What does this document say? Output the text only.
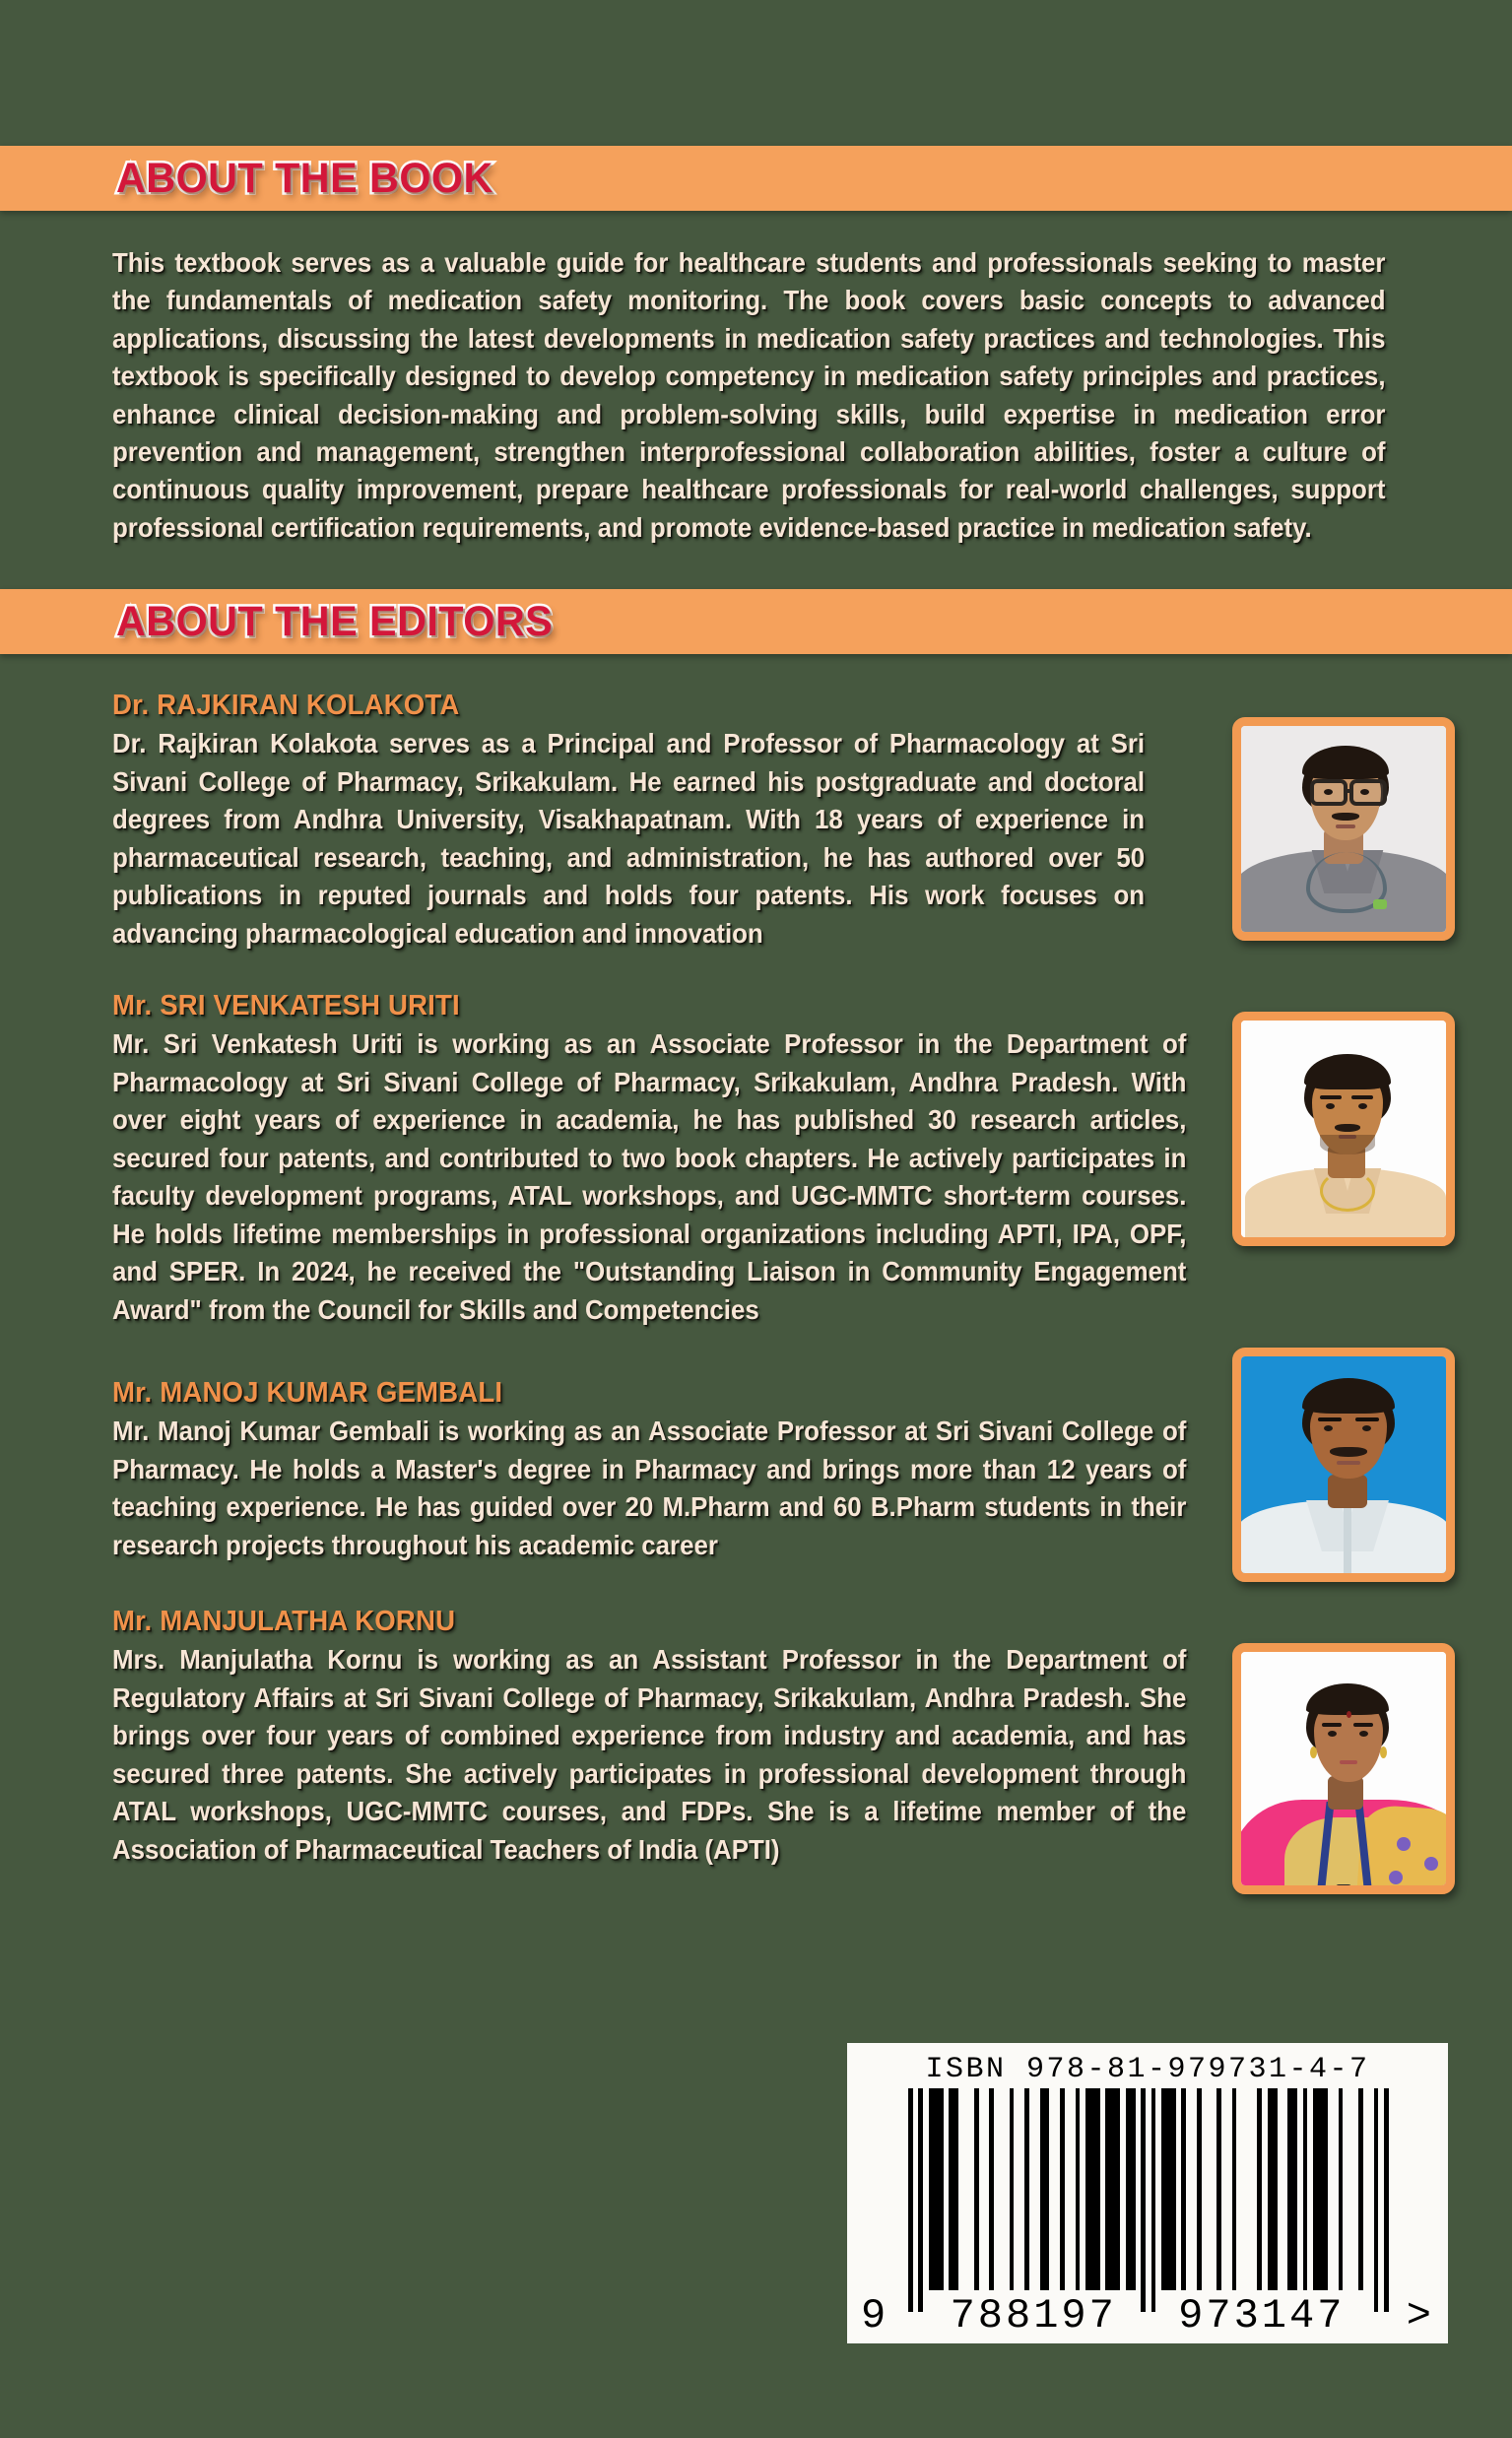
ABOUT THE BOOK
This textbook serves as a valuable guide for healthcare students and professionals seeking to master the fundamentals of medication safety monitoring. The book covers basic concepts to advanced applications, discussing the latest developments in medication safety practices and technologies. This textbook is specifically designed to develop competency in medication safety principles and practices, enhance clinical decision-making and problem-solving skills, build expertise in medication error prevention and management, strengthen interprofessional collaboration abilities, foster a culture of continuous quality improvement, prepare healthcare professionals for real-world challenges, support professional certification requirements, and promote evidence-based practice in medication safety.
ABOUT THE EDITORS
Dr. RAJKIRAN KOLAKOTA
Dr. Rajkiran Kolakota serves as a Principal and Professor of Pharmacology at Sri Sivani College of Pharmacy, Srikakulam. He earned his postgraduate and doctoral degrees from Andhra University, Visakhapatnam. With 18 years of experience in pharmaceutical research, teaching, and administration, he has authored over 50 publications in reputed journals and holds four patents. His work focuses on advancing pharmacological education and innovation
Mr. SRI VENKATESH URITI
Mr. Sri Venkatesh Uriti is working as an Associate Professor in the Department of Pharmacology at Sri Sivani College of Pharmacy, Srikakulam, Andhra Pradesh. With over eight years of experience in academia, he has published 30 research articles, secured four patents, and contributed to two book chapters. He actively participates in faculty development programs, ATAL workshops, and UGC-MMTC short-term courses. He holds lifetime memberships in professional organizations including APTI, IPA, OPF, and SPER. In 2024, he received the "Outstanding Liaison in Community Engagement Award" from the Council for Skills and Competencies
Mr. MANOJ KUMAR GEMBALI
Mr. Manoj Kumar Gembali is working as an Associate Professor at Sri Sivani College of Pharmacy. He holds a Master's degree in Pharmacy and brings more than 12 years of teaching experience. He has guided over 20 M.Pharm and 60 B.Pharm students in their research projects throughout his academic career
Mr. MANJULATHA KORNU
Mrs. Manjulatha Kornu is working as an Assistant Professor in the Department of Regulatory Affairs at Sri Sivani College of Pharmacy, Srikakulam, Andhra Pradesh. She brings over four years of combined experience from industry and academia, and has secured three patents. She actively participates in professional development through ATAL workshops, UGC-MMTC courses, and FDPs. She is a lifetime member of the Association of Pharmaceutical Teachers of India (APTI)
ISBN 978-81-979731-4-7
9 788197 973147 >
